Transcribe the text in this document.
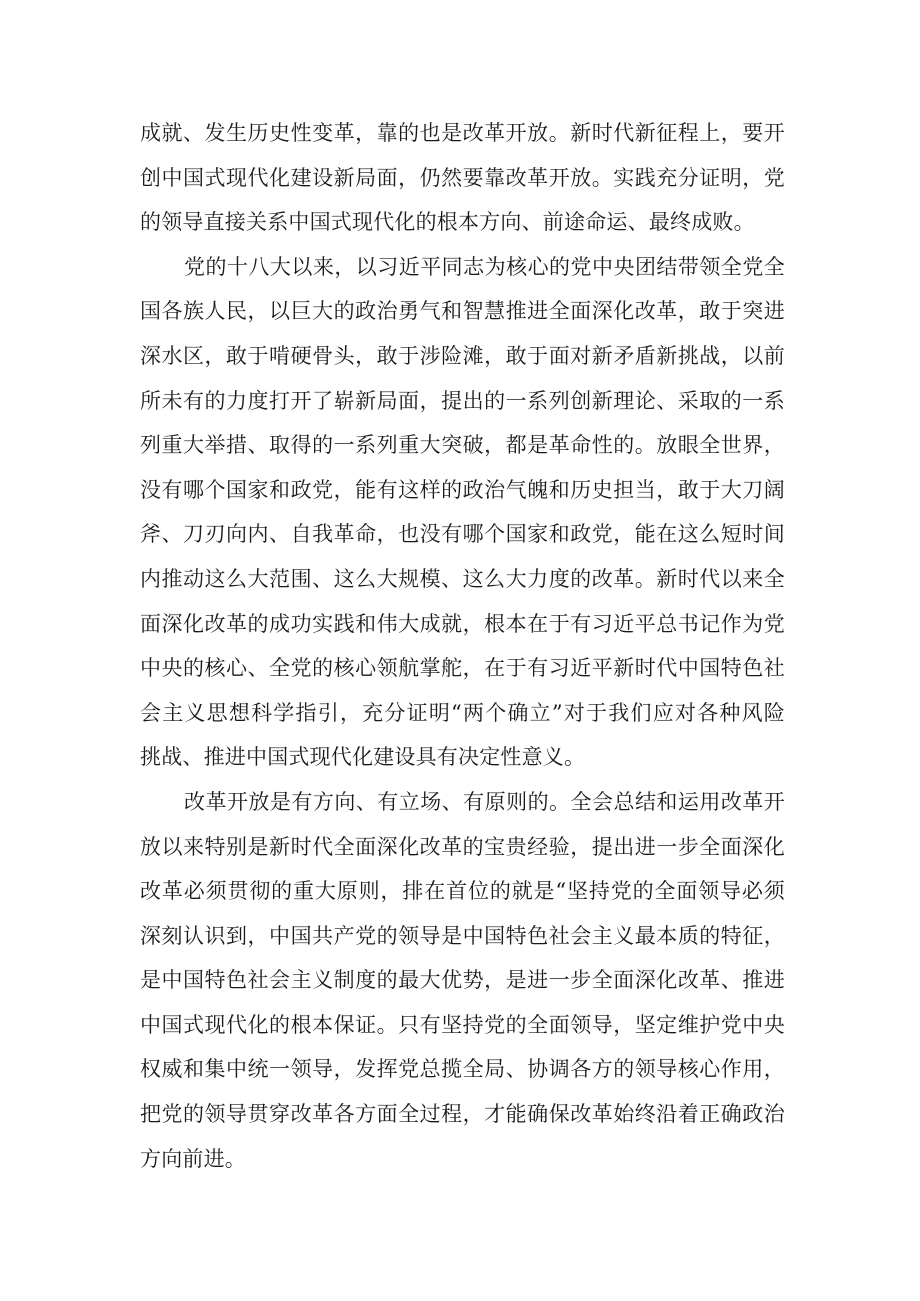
成就、发生历史性变革，靠的也是改革开放。新时代新征程上，要开
创中国式现代化建设新局面，仍然要靠改革开放。实践充分证明，党
的领导直接关系中国式现代化的根本方向、前途命运、最终成败。
党的十八大以来，以习近平同志为核心的党中央团结带领全党全
国各族人民，以巨大的政治勇气和智慧推进全面深化改革，敢于突进
深水区，敢于啃硬骨头，敢于涉险滩，敢于面对新矛盾新挑战，以前
所未有的力度打开了崭新局面，提出的一系列创新理论、采取的一系
列重大举措、取得的一系列重大突破，都是革命性的。放眼全世界，
没有哪个国家和政党，能有这样的政治气魄和历史担当，敢于大刀阔
斧、刀刃向内、自我革命，也没有哪个国家和政党，能在这么短时间
内推动这么大范围、这么大规模、这么大力度的改革。新时代以来全
面深化改革的成功实践和伟大成就，根本在于有习近平总书记作为党
中央的核心、全党的核心领航掌舵，在于有习近平新时代中国特色社
会主义思想科学指引，充分证明“两个确立”对于我们应对各种风险
挑战、推进中国式现代化建设具有决定性意义。
改革开放是有方向、有立场、有原则的。全会总结和运用改革开
放以来特别是新时代全面深化改革的宝贵经验，提出进一步全面深化
改革必须贯彻的重大原则，排在首位的就是“坚持党的全面领导必须
深刻认识到，中国共产党的领导是中国特色社会主义最本质的特征，
是中国特色社会主义制度的最大优势，是进一步全面深化改革、推进
中国式现代化的根本保证。只有坚持党的全面领导，坚定维护党中央
权威和集中统一领导，发挥党总揽全局、协调各方的领导核心作用，
把党的领导贯穿改革各方面全过程，才能确保改革始终沿着正确政治
方向前进。
